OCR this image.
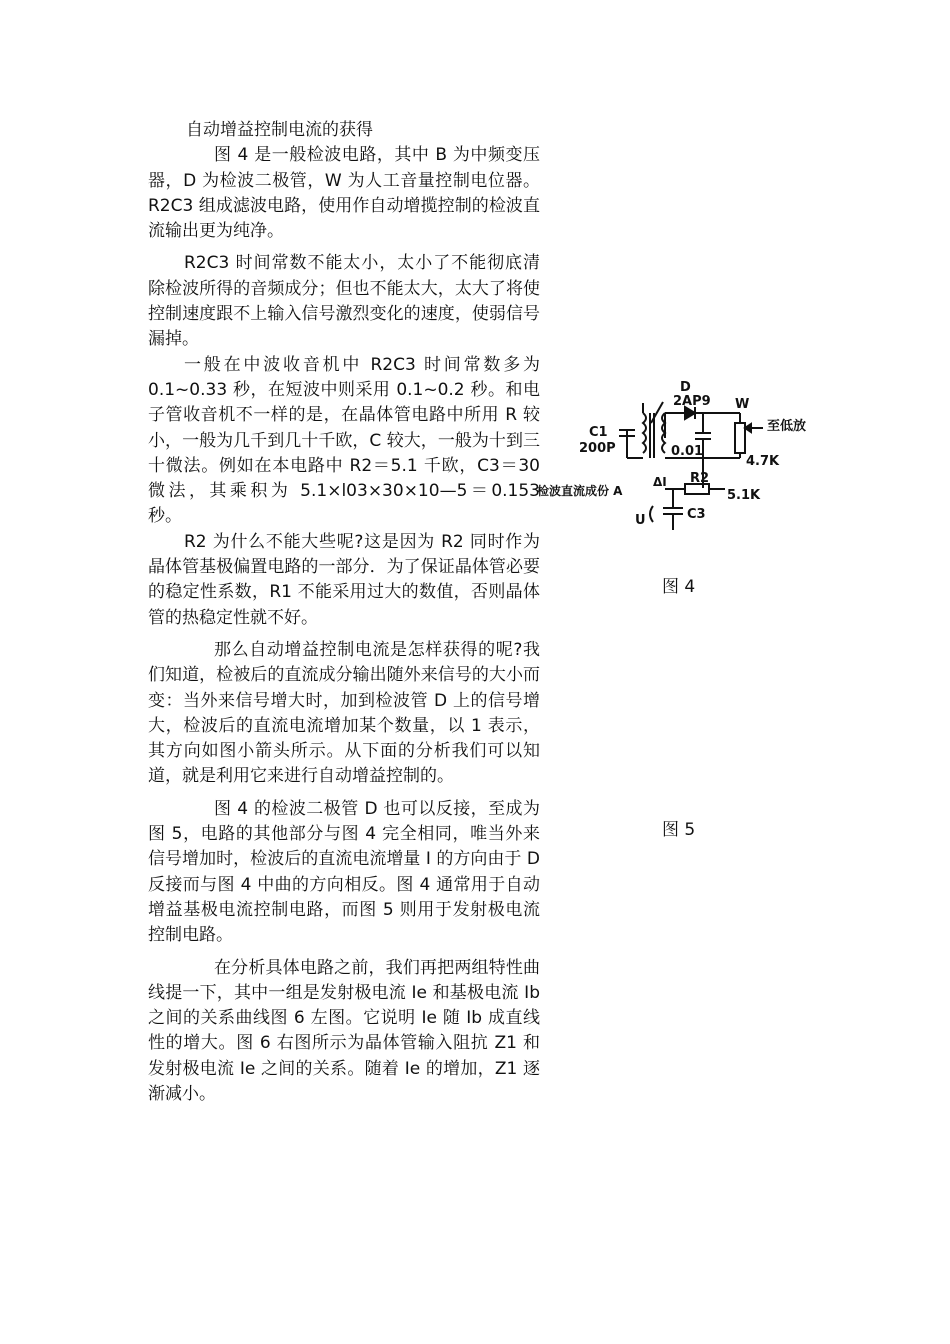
自动增益控制电流的获得

图 4 是一般检波电路，其中 B 为中频变压器，D 为检波二极管，W 为人工音量控制电位器。R2C3 组成滤波电路，使用作自动增揽控制的检波直流输出更为纯净。

R2C3 时间常数不能太小，太小了不能彻底清除检波所得的音频成分；但也不能太大，太大了将使控制速度跟不上输入信号激烈变化的速度，使弱信号漏掉。

一般在中波收音机中 R2C3 时间常数多为 0.1~0.33 秒，在短波中则采用 0.1~0.2 秒。和电子管收音机不一样的是，在晶体管电路中所用 R 较小，一般为几千到几十千欧，C 较大，一般为十到三十微法。例如在本电路中 R2＝5.1 千欧，C3＝30 微法，其乘积为 5.1×l03×30×10—5＝0.153 秒。

R2 为什么不能大些呢?这是因为 R2 同时作为晶体管基极偏置电路的一部分．为了保证晶体管必要的稳定性系数，R1 不能采用过大的数值，否则晶体管的热稳定性就不好。

那么自动增益控制电流是怎样获得的呢?我们知道，检被后的直流成分输出随外来信号的大小而变：当外来信号增大时，加到检波管 D 上的信号增大，检波后的直流电流增加某个数量，以 1 表示，其方向如图小箭头所示。从下面的分析我们可以知道，就是利用它来进行自动增益控制的。

图 4 的检波二极管 D 也可以反接，至成为图 5，电路的其他部分与图 4 完全相同，唯当外来信号增加时，检波后的直流电流增量 I 的方向由于 D 反接而与图 4 中曲的方向相反。图 4 通常用于自动增益基极电流控制电路，而图 5 则用于发射极电流控制电路。

在分析具体电路之前，我们再把两组特性曲线提一下，其中一组是发射极电流 Ie 和基极电流 Ib 之间的关系曲线图 6 左图。它说明 Ie 随 Ib 成直线性的增大。图 6 右图所示为晶体管输入阻抗 Z1 和发射极电流 Ie 之间的关系。随着 Ie 的增加，Z1 逐渐减小。

D
2AP9 W
至低放
C1
200P	0.01
4.7K
R2
5.1K
ΔI
检波直流成份 A
U	C3
图 4
图 5
